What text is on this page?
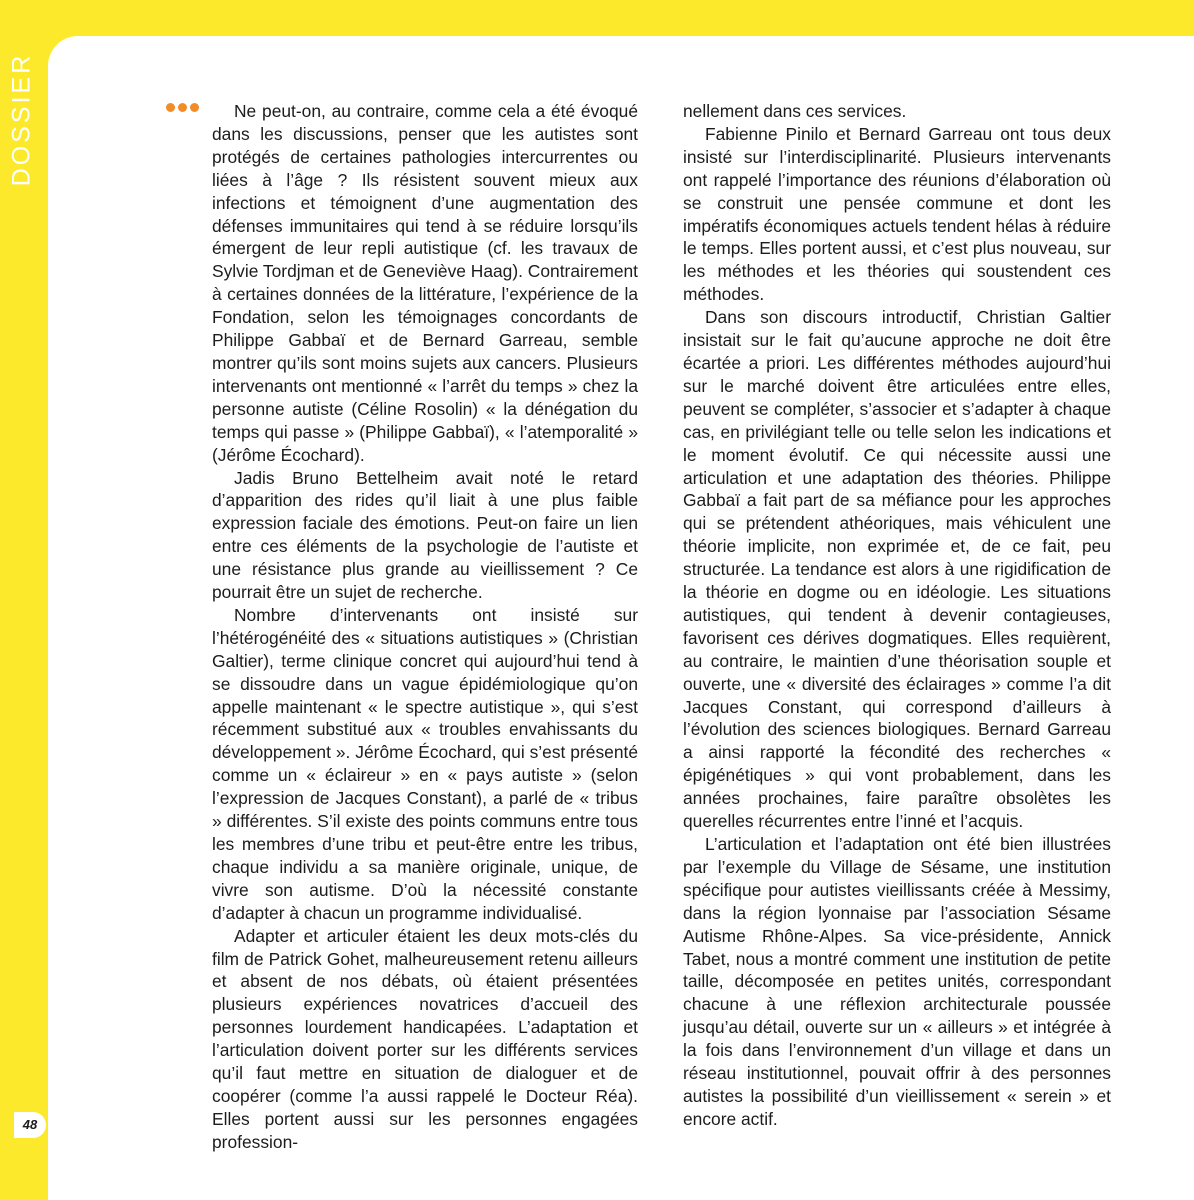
DOSSIER	Ne peut-on, au contraire, comme cela a été évoqué dans les discussions, penser que les autistes sont protégés de certaines pathologies intercurrentes ou liées à l’âge ? Ils résistent souvent mieux aux infections et témoignent d’une augmentation des défenses immunitaires qui tend à se réduire lorsqu’ils émergent de leur repli autistique (cf. les travaux de Sylvie Tordjman et de Geneviève Haag). Contrairement à certaines données de la littérature, l’expérience de la Fondation, selon les témoignages concordants de Philippe Gabbaï et de Bernard Garreau, semble montrer qu’ils sont moins sujets aux cancers. Plusieurs intervenants ont mentionné « l’arrêt du temps » chez la personne autiste (Céline Rosolin) « la dénégation du temps qui passe » (Philippe Gabbaï), « l’atemporalité » (Jérôme Écochard).

Jadis Bruno Bettelheim avait noté le retard d’apparition des rides qu’il liait à une plus faible expression faciale des émotions. Peut-on faire un lien entre ces éléments de la psychologie de l’autiste et une résistance plus grande au vieillissement ? Ce pourrait être un sujet de recherche.

Nombre d’intervenants ont insisté sur l’hétérogénéité des « situations autistiques » (Christian Galtier), terme clinique concret qui aujourd’hui tend à se dissoudre dans un vague épidémiologique qu’on appelle maintenant « le spectre autistique », qui s’est récemment substitué aux « troubles envahissants du développement ». Jérôme Écochard, qui s’est présenté comme un « éclaireur » en « pays autiste » (selon l’expression de Jacques Constant), a parlé de « tribus » différentes. S’il existe des points communs entre tous les membres d’une tribu et peut-être entre les tribus, chaque individu a sa manière originale, unique, de vivre son autisme. D’où la nécessité constante d’adapter à chacun un programme individualisé.

Adapter et articuler étaient les deux mots-clés du film de Patrick Gohet, malheureusement retenu ailleurs et absent de nos débats, où étaient présentées plusieurs expériences novatrices d’accueil des personnes lourdement handicapées. L’adaptation et l’articulation doivent porter sur les différents services qu’il faut mettre en situation de dialoguer et de coopérer (comme l’a aussi rappelé le Docteur Réa). Elles portent aussi sur les personnes engagées profession-

nellement dans ces services.

Fabienne Pinilo et Bernard Garreau ont tous deux insisté sur l’interdisciplinarité. Plusieurs intervenants ont rappelé l’importance des réunions d’élaboration où se construit une pensée commune et dont les impératifs économiques actuels tendent hélas à réduire le temps. Elles portent aussi, et c’est plus nouveau, sur les méthodes et les théories qui soustendent ces méthodes.

Dans son discours introductif, Christian Galtier insistait sur le fait qu’aucune approche ne doit être écartée a priori. Les différentes méthodes aujourd’hui sur le marché doivent être articulées entre elles, peuvent se compléter, s’associer et s’adapter à chaque cas, en privilégiant telle ou telle selon les indications et le moment évolutif. Ce qui nécessite aussi une articulation et une adaptation des théories. Philippe Gabbaï a fait part de sa méfiance pour les approches qui se prétendent athéoriques, mais véhiculent une théorie implicite, non exprimée et, de ce fait, peu structurée. La tendance est alors à une rigidification de la théorie en dogme ou en idéologie. Les situations autistiques, qui tendent à devenir contagieuses, favorisent ces dérives dogmatiques. Elles requièrent, au contraire, le maintien d’une théorisation souple et ouverte, une « diversité des éclairages » comme l’a dit Jacques Constant, qui correspond d’ailleurs à l’évolution des sciences biologiques. Bernard Garreau a ainsi rapporté la fécondité des recherches « épigénétiques » qui vont probablement, dans les années prochaines, faire paraître obsolètes les querelles récurrentes entre l’inné et l’acquis.

L’articulation et l’adaptation ont été bien illustrées par l’exemple du Village de Sésame, une institution spécifique pour autistes vieillissants créée à Messimy, dans la région lyonnaise par l’association Sésame Autisme Rhône-Alpes. Sa vice-présidente, Annick Tabet, nous a montré comment une institution de petite taille, décomposée en petites unités, correspondant chacune à une réflexion architecturale poussée jusqu’au détail, ouverte sur un « ailleurs » et intégrée à la fois dans l’environnement d’un village et dans un réseau institutionnel, pouvait offrir à des personnes autistes la possibilité d’un vieillissement « serein » et encore actif.

48
